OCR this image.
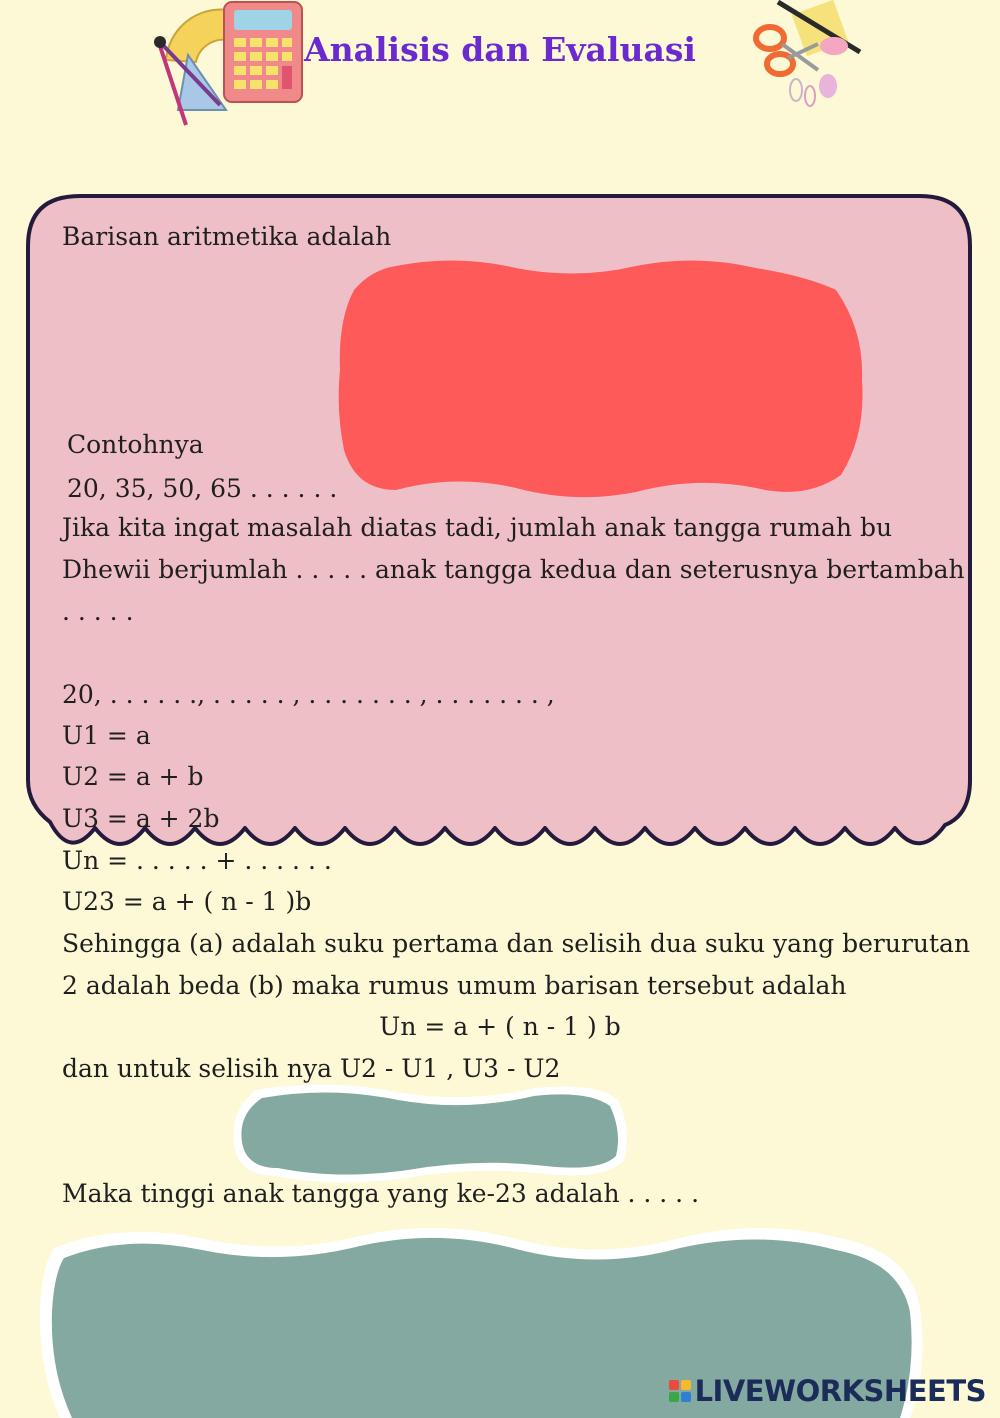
Analisis dan Evaluasi
Barisan aritmetika adalah
Contohnya
20, 35, 50, 65 . . . . . .
Jika kita ingat masalah diatas tadi, jumlah anak tangga rumah bu
Dhewii berjumlah . . . . . anak tangga kedua dan seterusnya bertambah
. . . . .
20, . . . . . ., . . . . . , . . . . . . . , . . . . . . . ,
U1 = a
U2 = a + b
U3 = a + 2b
Un = . . . . . + . . . . . .
U23 = a + ( n - 1 )b
Sehingga (a) adalah suku pertama dan selisih dua suku yang berurutan
2 adalah beda (b) maka rumus umum barisan tersebut adalah
Un = a + ( n - 1 ) b
dan untuk selisih nya U2 - U1 , U3 - U2
Maka tinggi anak tangga yang ke-23 adalah . . . . .
LIVEWORKSHEETS
